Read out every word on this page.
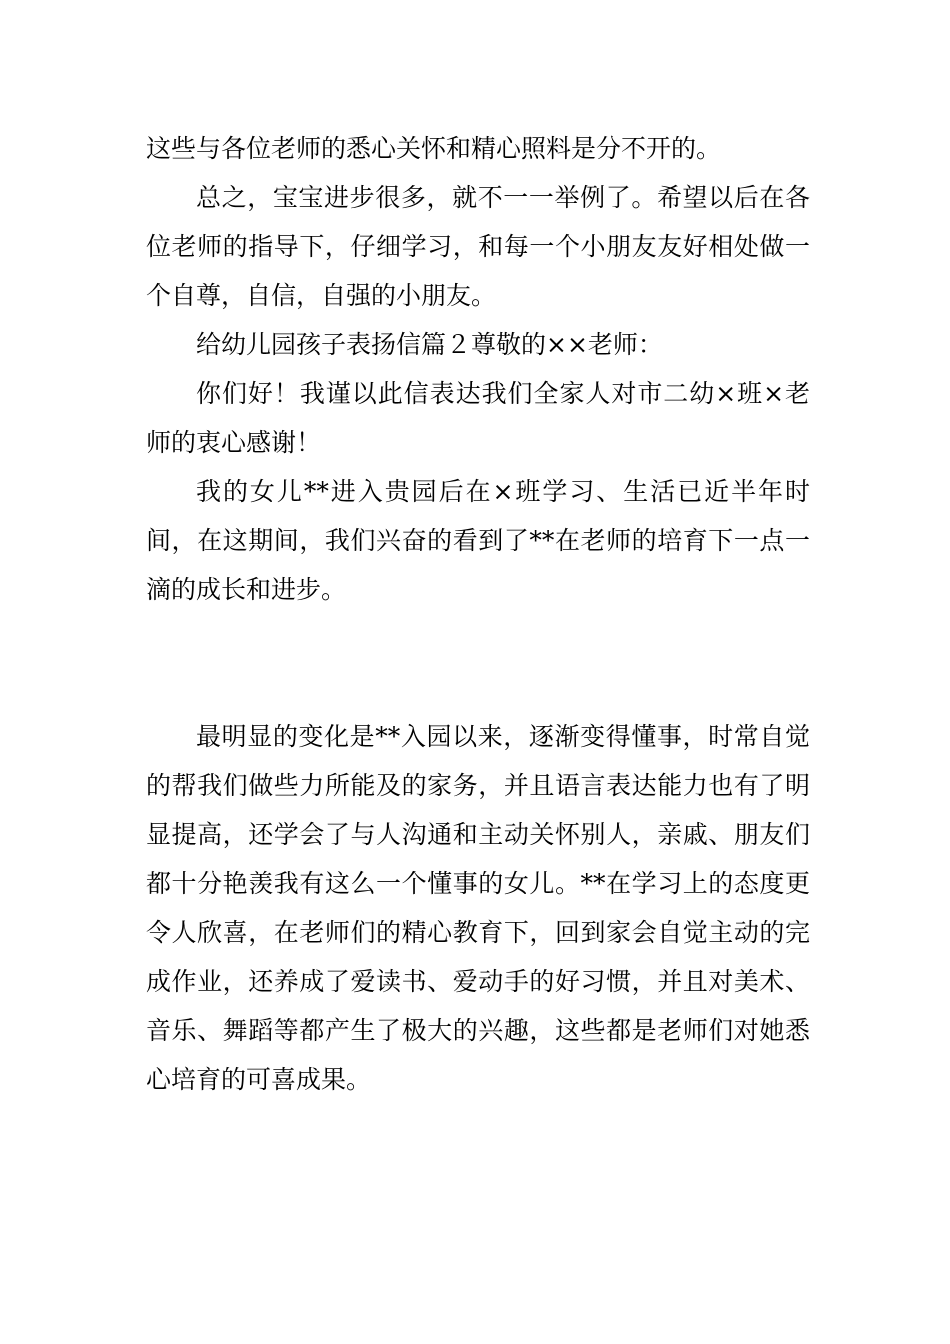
这些与各位老师的悉心关怀和精心照料是分不开的。

总之，宝宝进步很多，就不一一举例了。希望以后在各位老师的指导下，仔细学习，和每一个小朋友友好相处做一个自尊，自信，自强的小朋友。

给幼儿园孩子表扬信篇２尊敬的××老师：

你们好！我谨以此信表达我们全家人对市二幼×班×老师的衷心感谢！

我的女儿**进入贵园后在×班学习、生活已近半年时间，在这期间，我们兴奋的看到了**在老师的培育下一点一滴的成长和进步。

最明显的变化是**入园以来，逐渐变得懂事，时常自觉的帮我们做些力所能及的家务，并且语言表达能力也有了明显提高，还学会了与人沟通和主动关怀别人，亲戚、朋友们都十分艳羡我有这么一个懂事的女儿。**在学习上的态度更令人欣喜，在老师们的精心教育下，回到家会自觉主动的完成作业，还养成了爱读书、爱动手的好习惯，并且对美术、音乐、舞蹈等都产生了极大的兴趣，这些都是老师们对她悉心培育的可喜成果。
